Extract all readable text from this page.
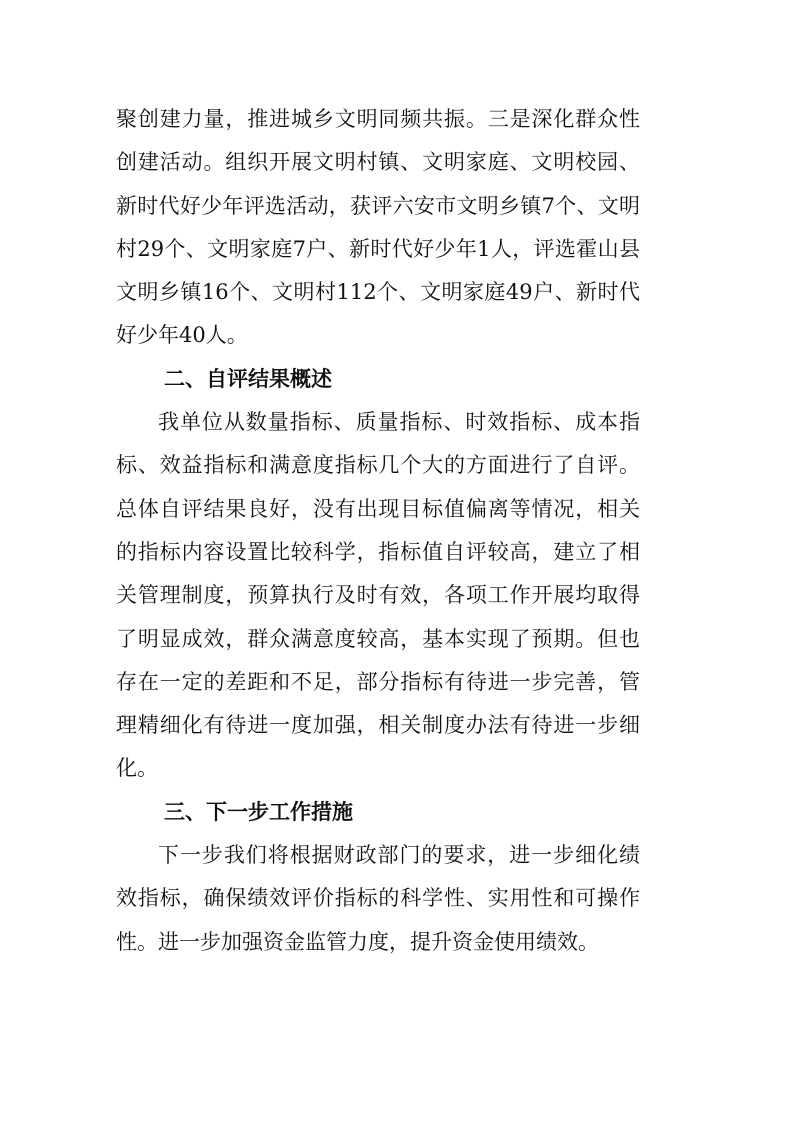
聚创建力量，推进城乡文明同频共振。三是深化群众性创建活动。组织开展文明村镇、文明家庭、文明校园、新时代好少年评选活动，获评六安市文明乡镇7个、文明村29个、文明家庭7户、新时代好少年1人，评选霍山县文明乡镇16个、文明村112个、文明家庭49户、新时代好少年40人。

二、自评结果概述

我单位从数量指标、质量指标、时效指标、成本指标、效益指标和满意度指标几个大的方面进行了自评。总体自评结果良好，没有出现目标值偏离等情况，相关的指标内容设置比较科学，指标值自评较高，建立了相关管理制度，预算执行及时有效，各项工作开展均取得了明显成效，群众满意度较高，基本实现了预期。但也存在一定的差距和不足，部分指标有待进一步完善，管理精细化有待进一度加强，相关制度办法有待进一步细化。

三、下一步工作措施

下一步我们将根据财政部门的要求，进一步细化绩效指标，确保绩效评价指标的科学性、实用性和可操作性。进一步加强资金监管力度，提升资金使用绩效。
